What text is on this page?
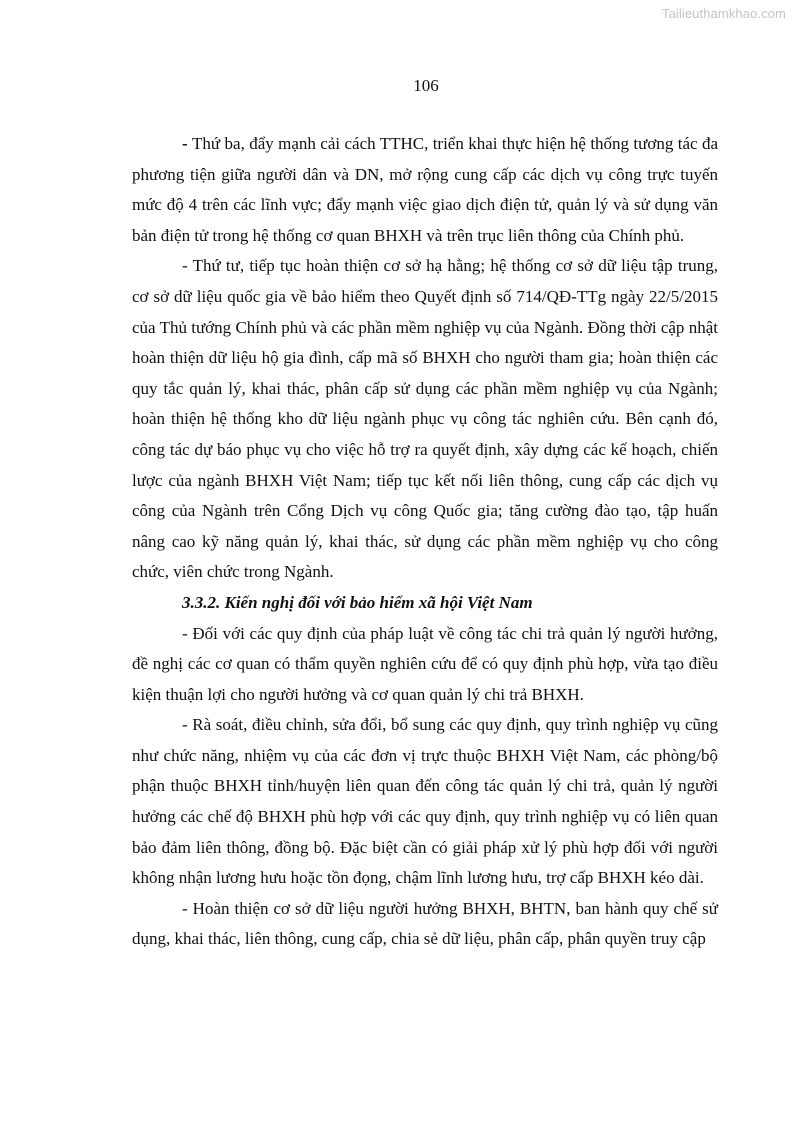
Tailieuthamkhao.com
106

- Thứ ba, đẩy mạnh cải cách TTHC, triển khai thực hiện hệ thống tương tác đa phương tiện giữa người dân và DN, mở rộng cung cấp các dịch vụ công trực tuyến mức độ 4 trên các lĩnh vực; đẩy mạnh việc giao dịch điện tử, quản lý và sử dụng văn bản điện tử trong hệ thống cơ quan BHXH và trên trục liên thông của Chính phủ.

- Thứ tư, tiếp tục hoàn thiện cơ sở hạ hằng; hệ thống cơ sở dữ liệu tập trung, cơ sở dữ liệu quốc gia về bảo hiểm theo Quyết định số 714/QĐ-TTg ngày 22/5/2015 của Thủ tướng Chính phủ và các phần mềm nghiệp vụ của Ngành. Đồng thời cập nhật hoàn thiện dữ liệu hộ gia đình, cấp mã số BHXH cho người tham gia; hoàn thiện các quy tắc quản lý, khai thác, phân cấp sử dụng các phần mềm nghiệp vụ của Ngành; hoàn thiện hệ thống kho dữ liệu ngành phục vụ công tác nghiên cứu. Bên cạnh đó, công tác dự báo phục vụ cho việc hỗ trợ ra quyết định, xây dựng các kế hoạch, chiến lược của ngành BHXH Việt Nam; tiếp tục kết nối liên thông, cung cấp các dịch vụ công của Ngành trên Cổng Dịch vụ công Quốc gia; tăng cường đào tạo, tập huấn nâng cao kỹ năng quản lý, khai thác, sử dụng các phần mềm nghiệp vụ cho công chức, viên chức trong Ngành.

3.3.2. Kiến nghị đối với bảo hiểm xã hội Việt Nam

- Đối với các quy định của pháp luật về công tác chi trả quản lý người hưởng, đề nghị các cơ quan có thẩm quyền nghiên cứu để có quy định phù hợp, vừa tạo điều kiện thuận lợi cho người hưởng và cơ quan quản lý chi trả BHXH.

- Rà soát, điều chỉnh, sửa đổi, bổ sung các quy định, quy trình nghiệp vụ cũng như chức năng, nhiệm vụ của các đơn vị trực thuộc BHXH Việt Nam, các phòng/bộ phận thuộc BHXH tỉnh/huyện liên quan đến công tác quản lý chi trả, quản lý người hưởng các chế độ BHXH phù hợp với các quy định, quy trình nghiệp vụ có liên quan bảo đảm liên thông, đồng bộ. Đặc biệt cần có giải pháp xử lý phù hợp đối với người không nhận lương hưu hoặc tồn đọng, chậm lĩnh lương hưu, trợ cấp BHXH kéo dài.

- Hoàn thiện cơ sở dữ liệu người hưởng BHXH, BHTN, ban hành quy chế sử dụng, khai thác, liên thông, cung cấp, chia sẻ dữ liệu, phân cấp, phân quyền truy cập
